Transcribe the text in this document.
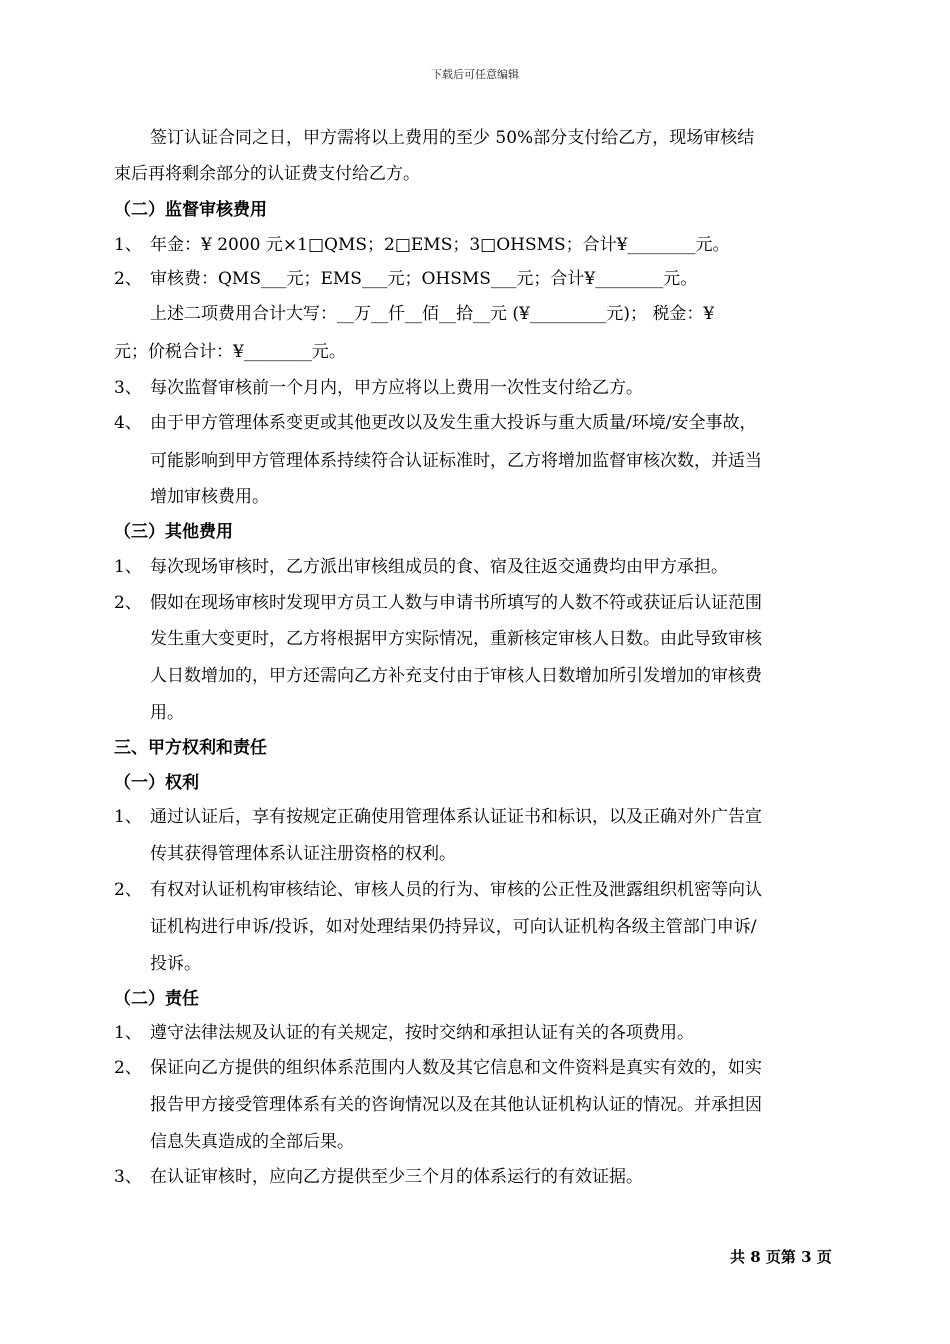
下载后可任意编辑
签订认证合同之日，甲方需将以上费用的至少 50%部分支付给乙方，现场审核结
束后再将剩余部分的认证费支付给乙方。
（二）监督审核费用
1、 年金：¥ 2000 元×1□QMS；2□EMS；3□OHSMS；合计¥________元。
2、 审核费：QMS___元；EMS___元；OHSMS___元；合计¥________元。
上述二项费用合计大写：__万__仟__佰__拾__元 (¥_________元)； 税金：¥
元；价税合计：¥________元。
3、 每次监督审核前一个月内，甲方应将以上费用一次性支付给乙方。
4、 由于甲方管理体系变更或其他更改以及发生重大投诉与重大质量/环境/安全事故，
可能影响到甲方管理体系持续符合认证标准时，乙方将增加监督审核次数，并适当
增加审核费用。
（三）其他费用
1、 每次现场审核时，乙方派出审核组成员的食、宿及往返交通费均由甲方承担。
2、 假如在现场审核时发现甲方员工人数与申请书所填写的人数不符或获证后认证范围
发生重大变更时，乙方将根据甲方实际情况，重新核定审核人日数。由此导致审核
人日数增加的，甲方还需向乙方补充支付由于审核人日数增加所引发增加的审核费
用。
三、甲方权利和责任
（一）权利
1、 通过认证后，享有按规定正确使用管理体系认证证书和标识，以及正确对外广告宣
传其获得管理体系认证注册资格的权利。
2、 有权对认证机构审核结论、审核人员的行为、审核的公正性及泄露组织机密等向认
证机构进行申诉/投诉，如对处理结果仍持异议，可向认证机构各级主管部门申诉/
投诉。
（二）责任
1、 遵守法律法规及认证的有关规定，按时交纳和承担认证有关的各项费用。
2、 保证向乙方提供的组织体系范围内人数及其它信息和文件资料是真实有效的，如实
报告甲方接受管理体系有关的咨询情况以及在其他认证机构认证的情况。并承担因
信息失真造成的全部后果。
3、 在认证审核时，应向乙方提供至少三个月的体系运行的有效证据。
共 8 页第 3 页
